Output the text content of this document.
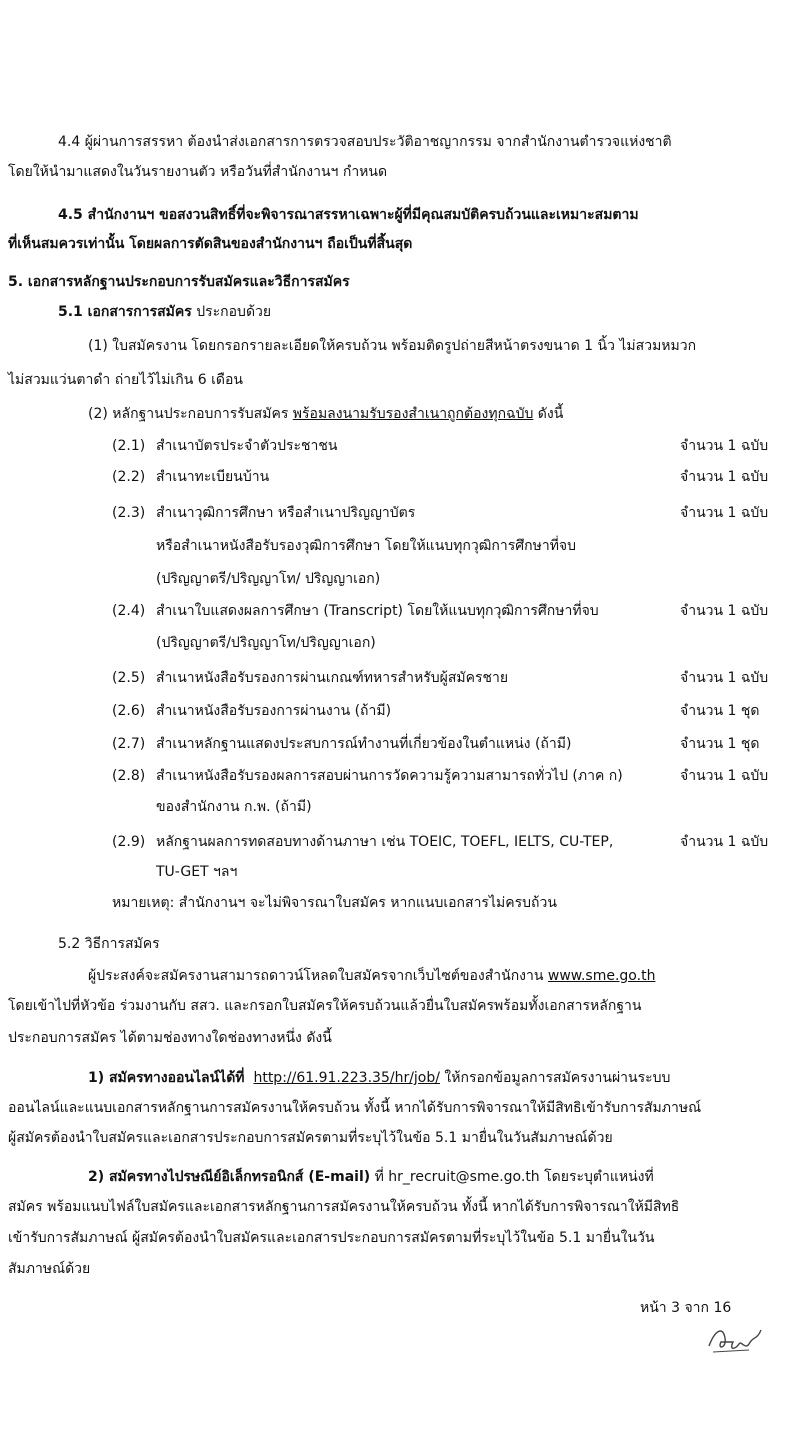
4.4 ผู้ผ่านการสรรหา ต้องนำส่งเอกสารการตรวจสอบประวัติอาชญากรรม จากสำนักงานตำรวจแห่งชาติ
โดยให้นำมาแสดงในวันรายงานตัว หรือวันที่สำนักงานฯ กำหนด
4.5 สำนักงานฯ ขอสงวนสิทธิ์ที่จะพิจารณาสรรหาเฉพาะผู้ที่มีคุณสมบัติครบถ้วนและเหมาะสมตาม
ที่เห็นสมควรเท่านั้น โดยผลการตัดสินของสำนักงานฯ ถือเป็นที่สิ้นสุด
5. เอกสารหลักฐานประกอบการรับสมัครและวิธีการสมัคร
5.1 เอกสารการสมัคร ประกอบด้วย
(1) ใบสมัครงาน โดยกรอกรายละเอียดให้ครบถ้วน พร้อมติดรูปถ่ายสีหน้าตรงขนาด 1 นิ้ว ไม่สวมหมวก
ไม่สวมแว่นตาดำ ถ่ายไว้ไม่เกิน 6 เดือน
(2) หลักฐานประกอบการรับสมัคร พร้อมลงนามรับรองสำเนาถูกต้องทุกฉบับ ดังนี้
(2.1) สำเนาบัตรประจำตัวประชาชน	จำนวน 1 ฉบับ
(2.2) สำเนาทะเบียนบ้าน	จำนวน 1 ฉบับ
(2.3) สำเนาวุฒิการศึกษา หรือสำเนาปริญญาบัตร	จำนวน 1 ฉบับ
หรือสำเนาหนังสือรับรองวุฒิการศึกษา โดยให้แนบทุกวุฒิการศึกษาที่จบ
(ปริญญาตรี/ปริญญาโท/ ปริญญาเอก)
(2.4) สำเนาใบแสดงผลการศึกษา (Transcript) โดยให้แนบทุกวุฒิการศึกษาที่จบ	จำนวน 1 ฉบับ
(ปริญญาตรี/ปริญญาโท/ปริญญาเอก)
(2.5) สำเนาหนังสือรับรองการผ่านเกณฑ์ทหารสำหรับผู้สมัครชาย	จำนวน 1 ฉบับ
(2.6) สำเนาหนังสือรับรองการผ่านงาน (ถ้ามี)	จำนวน 1 ชุด
(2.7) สำเนาหลักฐานแสดงประสบการณ์ทำงานที่เกี่ยวข้องในตำแหน่ง (ถ้ามี)	จำนวน 1 ชุด
(2.8) สำเนาหนังสือรับรองผลการสอบผ่านการวัดความรู้ความสามารถทั่วไป (ภาค ก)	จำนวน 1 ฉบับ
ของสำนักงาน ก.พ. (ถ้ามี)
(2.9) หลักฐานผลการทดสอบทางด้านภาษา เช่น TOEIC, TOEFL, IELTS, CU-TEP,	จำนวน 1 ฉบับ
TU-GET ฯลฯ
หมายเหตุ: สำนักงานฯ จะไม่พิจารณาใบสมัคร หากแนบเอกสารไม่ครบถ้วน
5.2 วิธีการสมัคร
ผู้ประสงค์จะสมัครงานสามารถดาวน์โหลดใบสมัครจากเว็บไซต์ของสำนักงาน www.sme.go.th
โดยเข้าไปที่หัวข้อ ร่วมงานกับ สสว. และกรอกใบสมัครให้ครบถ้วนแล้วยื่นใบสมัครพร้อมทั้งเอกสารหลักฐาน
ประกอบการสมัคร ได้ตามช่องทางใดช่องทางหนึ่ง ดังนี้
1) สมัครทางออนไลน์ได้ที่ http://61.91.223.35/hr/job/ ให้กรอกข้อมูลการสมัครงานผ่านระบบ
ออนไลน์และแนบเอกสารหลักฐานการสมัครงานให้ครบถ้วน ทั้งนี้ หากได้รับการพิจารณาให้มีสิทธิเข้ารับการสัมภาษณ์
ผู้สมัครต้องนำใบสมัครและเอกสารประกอบการสมัครตามที่ระบุไว้ในข้อ 5.1 มายื่นในวันสัมภาษณ์ด้วย
2) สมัครทางไปรษณีย์อิเล็กทรอนิกส์ (E-mail) ที่ hr_recruit@sme.go.th โดยระบุตำแหน่งที่
สมัคร พร้อมแนบไฟล์ใบสมัครและเอกสารหลักฐานการสมัครงานให้ครบถ้วน ทั้งนี้ หากได้รับการพิจารณาให้มีสิทธิ
เข้ารับการสัมภาษณ์ ผู้สมัครต้องนำใบสมัครและเอกสารประกอบการสมัครตามที่ระบุไว้ในข้อ 5.1 มายื่นในวัน
สัมภาษณ์ด้วย
หน้า 3 จาก 16
